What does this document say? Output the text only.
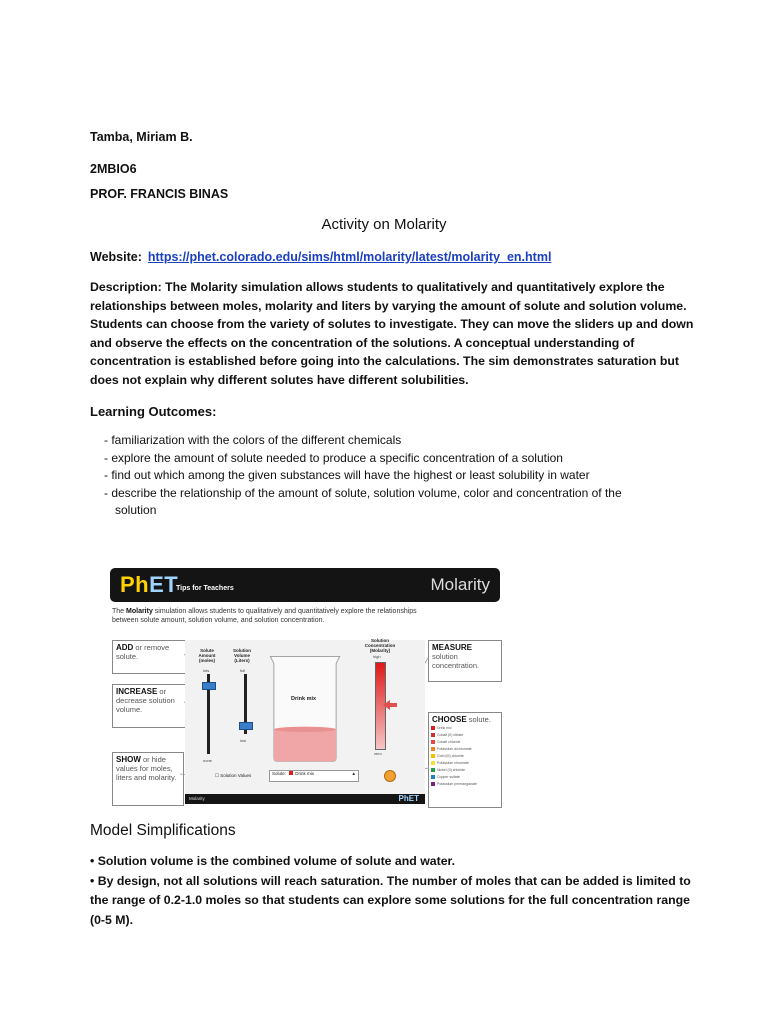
Tamba, Miriam B.
2MBIO6
PROF. FRANCIS BINAS
Activity on Molarity
Website: https://phet.colorado.edu/sims/html/molarity/latest/molarity_en.html
Description: The Molarity simulation allows students to qualitatively and quantitatively explore the
relationships between moles, molarity and liters by varying the amount of solute and solution volume.
Students can choose from the variety of solutes to investigate. They can move the sliders up and down
and observe the effects on the concentration of the solutions. A conceptual understanding of
concentration is established before going into the calculations. The sim demonstrates saturation but
does not explain why different solutes have different solubilities.
Learning Outcomes:
- familiarization with the colors of the different chemicals
- explore the amount of solute needed to produce a specific concentration of a solution
- find out which among the given substances will have the highest or least solubility in water
- describe the relationship of the amount of solute, solution volume, color and concentration of the
solution
PhET
Tips for Teachers	Molarity
The Molarity simulation allows students to qualitatively and quantitatively explore the relationships
between solute amount, solution volume, and solution concentration.
ADD or remove solute.
INCREASE or decrease solution volume.
SHOW or hide values for moles, liters and molarity.
MEASURE solution concentration.
CHOOSE solute.
Drink mix
Cobalt (II) nitrate
Cobalt chloride
Potassium dichromate
Gold (III) chloride
Potassium chromate
Nickel (II) chloride
Copper sulfate
Potassium permanganate
Solute Amount
(moles)
Solution Volume
(Liters)
lots	full
none
low
Drink mix
Solution Concentration
(Molarity)
high
zero
☐ Solution Values	Solute: Drink mix	▲
Molarity	PhET
Model Simplifications
• Solution volume is the combined volume of solute and water.
• By design, not all solutions will reach saturation. The number of moles that can be added is limited to
the range of 0.2-1.0 moles so that students can explore some solutions for the full concentration range
(0-5 M).
